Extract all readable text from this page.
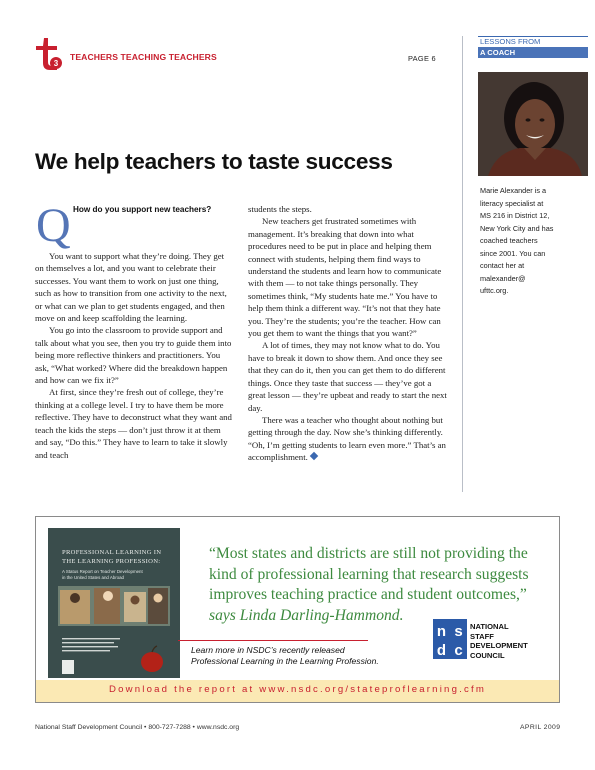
3
TEACHERS TEACHING TEACHERS	PAGE 6
LESSONS FROM
A COACH
Marie Alexander is a
literacy specialist at
MS 216 in District 12,
New York City and has
coached teachers
since 2001. You can
contact her at
malexander@
ufttc.org.
We help teachers to taste success
Q How do you support new teachers?

You want to support what they’re doing. They get on themselves a lot, and you want to celebrate their successes. You want them to work on just one thing, such as how to transition from one activity to the next, or what can we plan to get students engaged, and then move on and keep scaffolding the learning.

You go into the classroom to provide support and talk about what you see, then you try to guide them into being more reflective thinkers and practitioners. You ask, “What worked? Where did the breakdown happen and how can we fix it?”

At first, since they’re fresh out of college, they’re thinking at a college level. I try to have them be more reflective. They have to deconstruct what they want and teach the kids the steps — don’t just throw it at them and say, “Do this.” They have to learn to take it slowly and teach

students the steps.

New teachers get frustrated sometimes with management. It’s breaking that down into what procedures need to be put in place and helping them connect with students, helping them find ways to understand the students and learn how to communicate with them — to not take things personally. They sometimes think, “My students hate me.” You have to help them think a different way. “It’s not that they hate you. They’re the students; you’re the teacher. How can you get them to want the things that you want?”

A lot of times, they may not know what to do. You have to break it down to show them. And once they see that they can do it, then you can get them to do different things. Once they taste that success — they’ve got a great lesson — they’re upbeat and ready to start the next day.

There was a teacher who thought about nothing but getting through the day. Now she’s thinking differently. “Oh, I’m getting students to learn even more.” That’s an accomplishment.

PROFESSIONAL LEARNING IN
THE LEARNING PROFESSION:
A Status Report on Teacher Development
in the United States and Abroad
“Most states and districts are still not providing the kind of professional learning that research suggests improves teaching practice and student outcomes,” says Linda Darling-Hammond.
Learn more in NSDC’s recently released
Professional Learning in the Learning Profession.
n s
d c
NATIONAL
STAFF
DEVELOPMENT
COUNCIL
Download the report at www.nsdc.org/stateproflearning.cfm
National Staff Development Council • 800-727-7288 • www.nsdc.org	APRIL 2009
